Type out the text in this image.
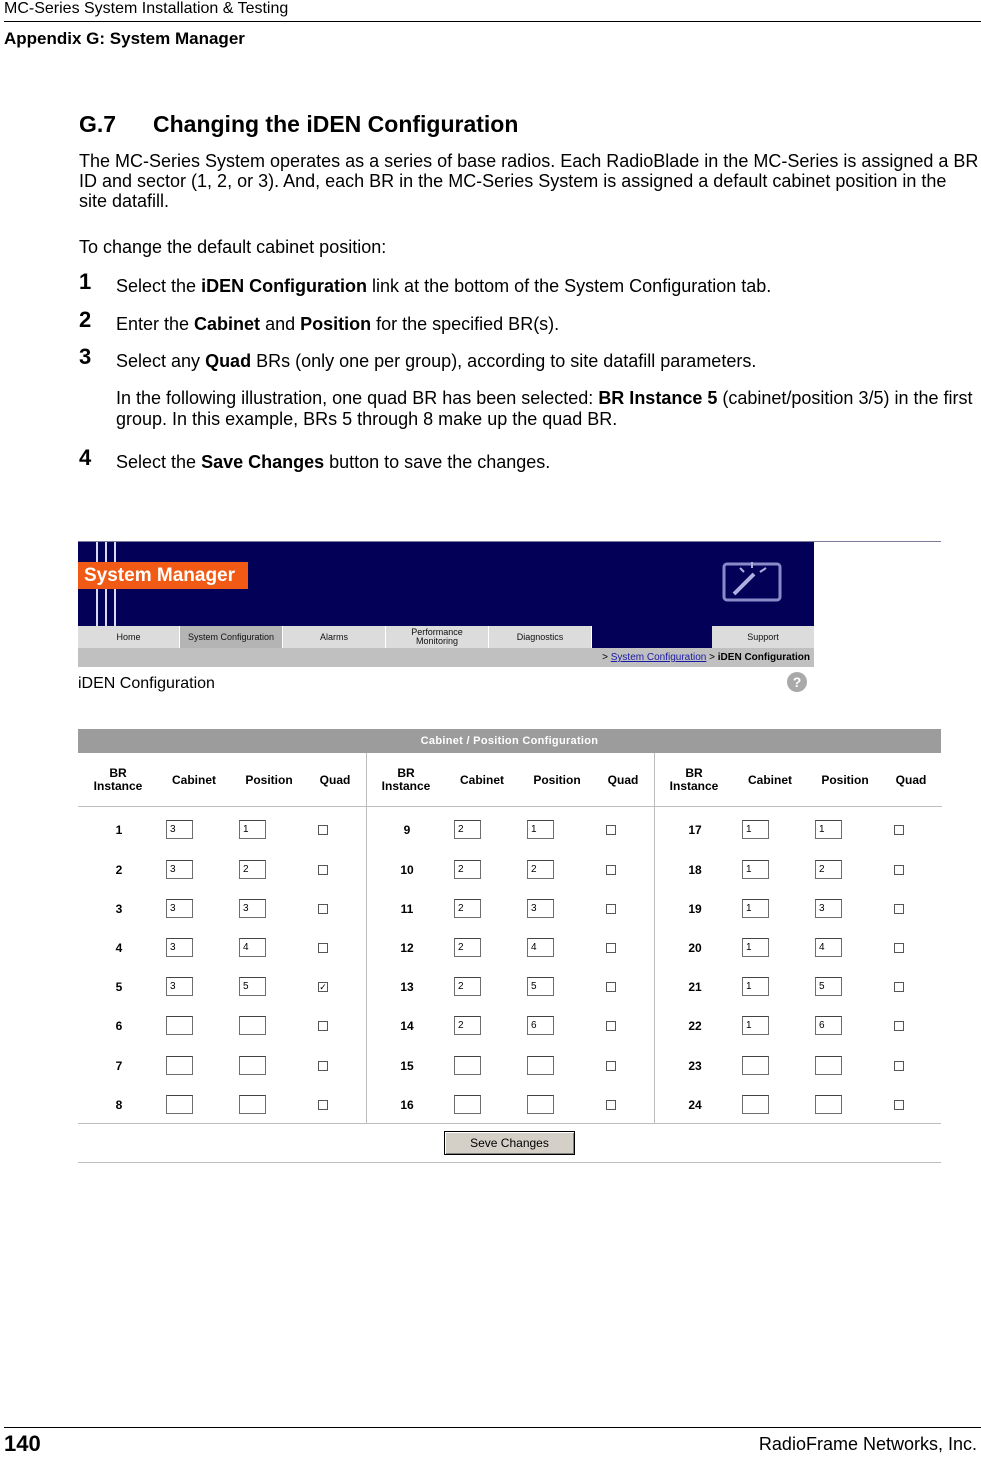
MC-Series System Installation & Testing
Appendix G: System Manager
G.7 Changing the iDEN Configuration
The MC-Series System operates as a series of base radios. Each RadioBlade in the MC-Series is assigned a BR ID and sector (1, 2, or 3). And, each BR in the MC-Series System is assigned a default cabinet position in the site datafill.
To change the default cabinet position:
1 Select the iDEN Configuration link at the bottom of the System Configuration tab.
2 Enter the Cabinet and Position for the specified BR(s).
3 Select any Quad BRs (only one per group), according to site datafill parameters.
In the following illustration, one quad BR has been selected: BR Instance 5 (cabinet/position 3/5) in the first group. In this example, BRs 5 through 8 make up the quad BR.
4 Select the Save Changes button to save the changes.
System Manager
Home	System Configuration	Alarms	Performance
Monitoring	Diagnostics	Support
> System Configuration > iDEN Configuration
iDEN Configuration	?
Cabinet / Position Configuration
BR
Instance	Cabinet	Position	Quad
1	3	1
2	3	2
3	3	3
4	3	4
5	3	5	✓
6
7
8
BR
Instance	Cabinet	Position	Quad
9	2	1
10	2	2
11	2	3
12	2	4
13	2	5
14	2	6
15
16
BR
Instance	Cabinet	Position	Quad
17	1	1
18	1	2
19	1	3
20	1	4
21	1	5
22	1	6
23
24
Seve Changes
140	RadioFrame Networks, Inc.
